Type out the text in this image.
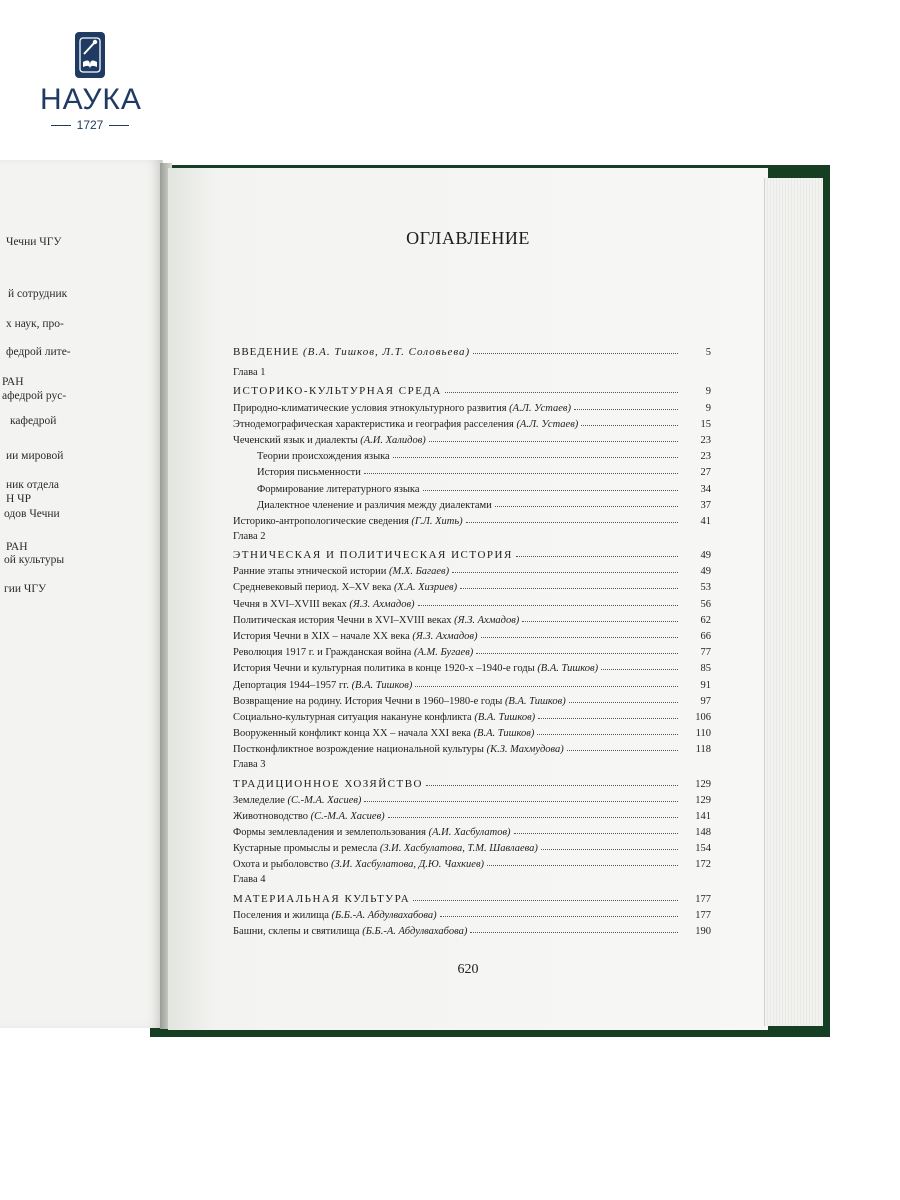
НАУКА
1727
Чечни ЧГУ
й сотрудник
х наук, про-
федрой лите-
РАН
афедрой рус-
кафедрой
ии мировой
ник отдела
Н ЧР
одов Чечни
РАН
ой культуры
гии ЧГУ
ОГЛАВЛЕНИЕ
ВВЕДЕНИЕ (В.А. Тишков, Л.Т. Соловьева)	5
Глава 1
ИСТОРИКО-КУЛЬТУРНАЯ СРЕДА	9
Природно-климатические условия этнокультурного развития (А.Л. Устаев)	9
Этнодемографическая характеристика и география расселения (А.Л. Устаев)	15
Чеченский язык и диалекты (А.И. Халидов)	23
Теории происхождения языка	23
История письменности	27
Формирование литературного языка	34
Диалектное членение и различия между диалектами	37
Историко-антропологические сведения (Г.Л. Хить)	41
Глава 2
ЭТНИЧЕСКАЯ И ПОЛИТИЧЕСКАЯ ИСТОРИЯ	49
Ранние этапы этнической истории (М.Х. Багаев)	49
Средневековый период. X–XV века (Х.А. Хизриев)	53
Чечня в XVI–XVIII веках (Я.З. Ахмадов)	56
Политическая история Чечни в XVI–XVIII веках (Я.З. Ахмадов)	62
История Чечни в XIX – начале XX века (Я.З. Ахмадов)	66
Революция 1917 г. и Гражданская война (А.М. Бугаев)	77
История Чечни и культурная политика в конце 1920-х –1940-е годы (В.А. Тишков)	85
Депортация 1944–1957 гг. (В.А. Тишков)	91
Возвращение на родину. История Чечни в 1960–1980-е годы (В.А. Тишков)	97
Социально-культурная ситуация накануне конфликта (В.А. Тишков)	106
Вооруженный конфликт конца XX – начала XXI века (В.А. Тишков)	110
Постконфликтное возрождение национальной культуры (К.З. Махмудова)	118
Глава 3
ТРАДИЦИОННОЕ ХОЗЯЙСТВО	129
Земледелие (С.-М.А. Хасиев)	129
Животноводство (С.-М.А. Хасиев)	141
Формы землевладения и землепользования (А.И. Хасбулатов)	148
Кустарные промыслы и ремесла (З.И. Хасбулатова, Т.М. Шавлаева)	154
Охота и рыболовство (З.И. Хасбулатова, Д.Ю. Чахкиев)	172
Глава 4
МАТЕРИАЛЬНАЯ КУЛЬТУРА	177
Поселения и жилища (Б.Б.-А. Абдулвахабова)	177
Башни, склепы и святилища (Б.Б.-А. Абдулвахабова)	190
620
